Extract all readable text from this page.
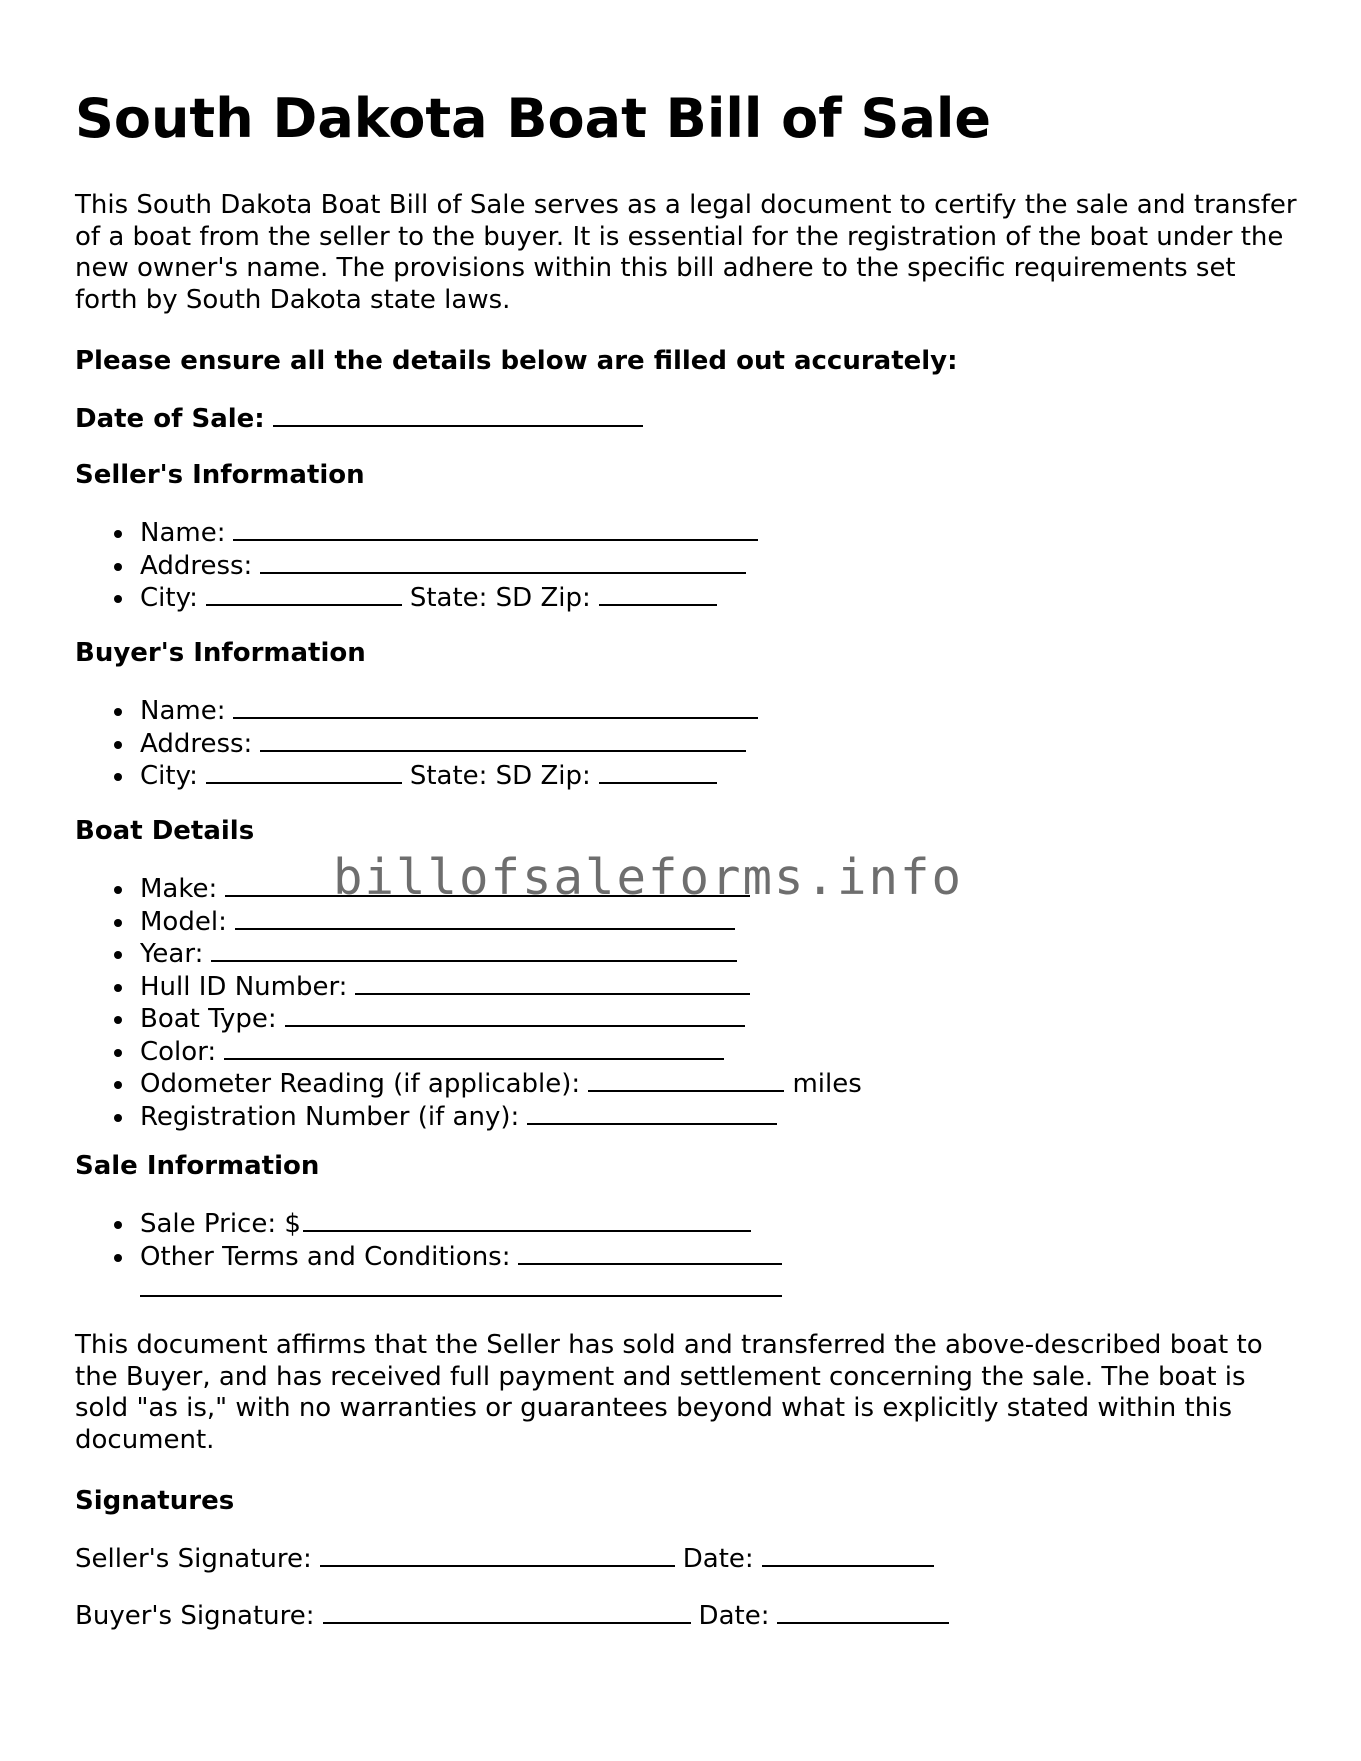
South Dakota Boat Bill of Sale

This South Dakota Boat Bill of Sale serves as a legal document to certify the sale and transfer of a boat from the seller to the buyer. It is essential for the registration of the boat under the new owner's name. The provisions within this bill adhere to the specific requirements set forth by South Dakota state laws.

Please ensure all the details below are filled out accurately:

Date of Sale:

Seller's Information

Name:
Address:
City:	State: SD Zip:

Buyer's Information

Name:
Address:
City:	State: SD Zip:

Boat Details

Make:
Model:
Year:
Hull ID Number:
Boat Type:
Color:
Odometer Reading (if applicable):	miles
Registration Number (if any):

Sale Information

Sale Price: $
Other Terms and Conditions:

This document affirms that the Seller has sold and transferred the above-described boat to the Buyer, and has received full payment and settlement concerning the sale. The boat is sold "as is," with no warranties or guarantees beyond what is explicitly stated within this document.

Signatures

Seller's Signature:	Date:

Buyer's Signature:	Date:

billofsaleforms.info
